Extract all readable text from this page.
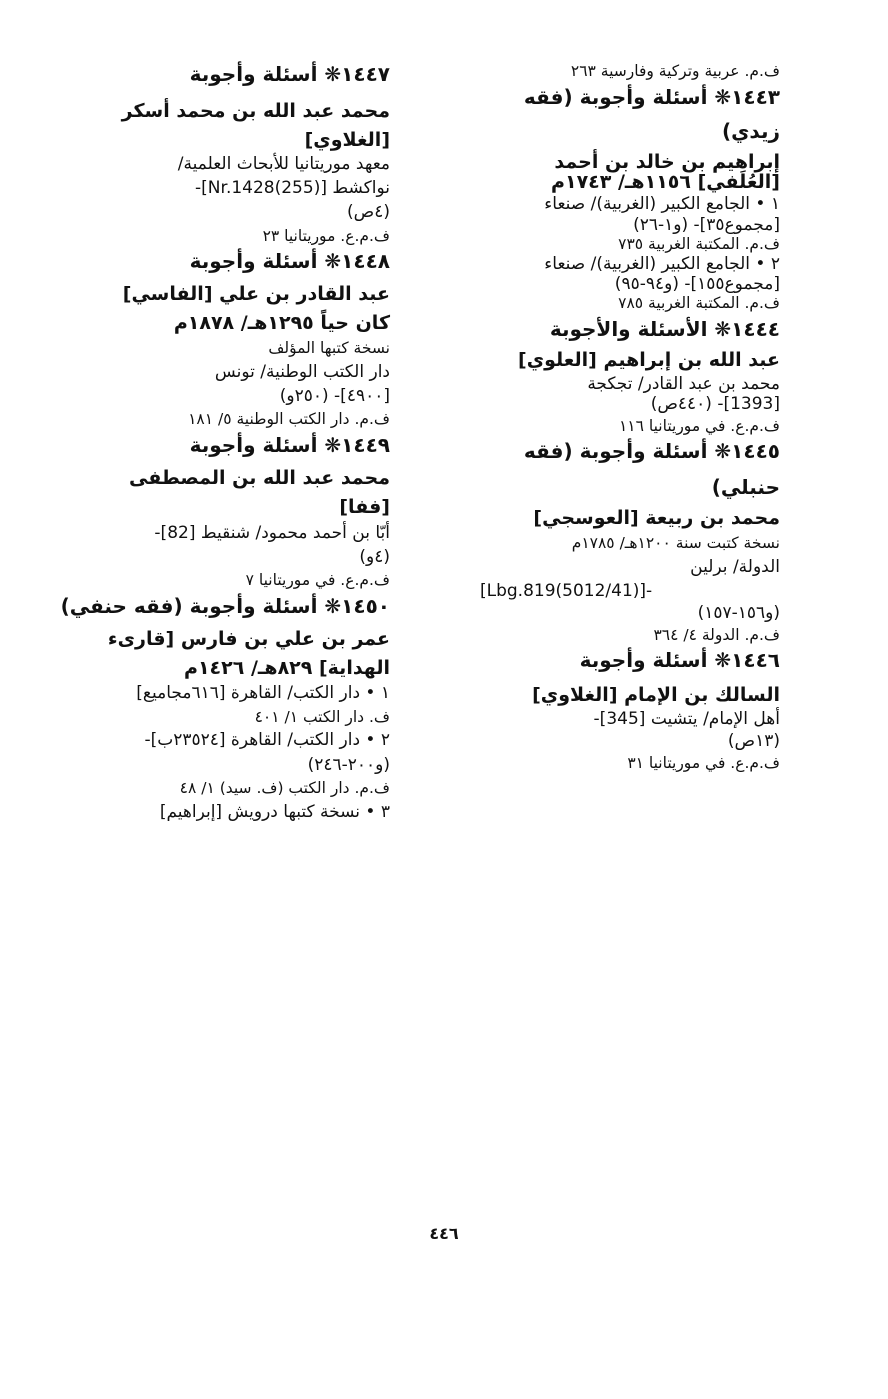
ف.م. عربية وتركية وفارسية ٢٦٣
١٤٤٣❋ أسئلة وأجوبة (فقه
زيدي)
إبراهيم بن خالد بن أحمد
[العُلَفي] ١١٥٦هـ/ ١٧٤٣م
١ • الجامع الكبير (الغربية)/ صنعاء
[مجموع٣٥]- (و١-٢٦)
ف.م. المكتبة الغربية ٧٣٥
٢ • الجامع الكبير (الغربية)/ صنعاء
[مجموع١٥٥]- (و٩٤-٩٥)
ف.م. المكتبة الغربية ٧٨٥
١٤٤٤❋ الأسئلة والأجوبة
عبد الله بن إبراهيم [العلوي]
محمد بن عبد القادر/ تجكجة
[1393]- (٤٤٠ص)
ف.م.ع. في موريتانيا ١١٦
١٤٤٥❋ أسئلة وأجوبة (فقه
حنبلي)
محمد بن ربيعة [العوسجي]
نسخة كتبت سنة ١٢٠٠هـ/ ١٧٨٥م
الدولة/ برلين
[Lbg.819(5012/41)]-
(و١٥٦-١٥٧)
ف.م. الدولة ٤/ ٣٦٤
١٤٤٦❋ أسئلة وأجوبة
السالك بن الإمام [الغلاوي]
أهل الإمام/ يتشيت [345]-
(١٣ص)
ف.م.ع. في موريتانيا ٣١
١٤٤٧❋ أسئلة وأجوبة
محمد عبد الله بن محمد أسكر
[الغلاوي]
معهد موريتانيا للأبحاث العلمية/
نواكشط [Nr.1428(255)]-
(٤ص)
ف.م.ع. موريتانيا ٢٣
١٤٤٨❋ أسئلة وأجوبة
عبد القادر بن علي [الفاسي]
كان حياً ١٢٩٥هـ/ ١٨٧٨م
نسخة كتبها المؤلف
دار الكتب الوطنية/ تونس
[٤٩٠٠]- (٢٥٠و)
ف.م. دار الكتب الوطنية ٥/ ١٨١
١٤٤٩❋ أسئلة وأجوبة
محمد عبد الله بن المصطفى
[ففا]
أبّا بن أحمد محمود/ شنقيط [82]-
(٤و)
ف.م.ع. في موريتانيا ٧
١٤٥٠❋ أسئلة وأجوبة (فقه حنفي)
عمر بن علي بن فارس [قارىء
الهداية] ٨٢٩هـ/ ١٤٢٦م
١ • دار الكتب/ القاهرة [٦١٦مجاميع]
ف. دار الكتب ١/ ٤٠١
٢ • دار الكتب/ القاهرة [٢٣٥٢٤ب]-
(و٢٠٠-٢٤٦)
ف.م. دار الكتب (ف. سيد) ١/ ٤٨
٣ • نسخة كتبها درويش [إبراهيم]
٤٤٦
